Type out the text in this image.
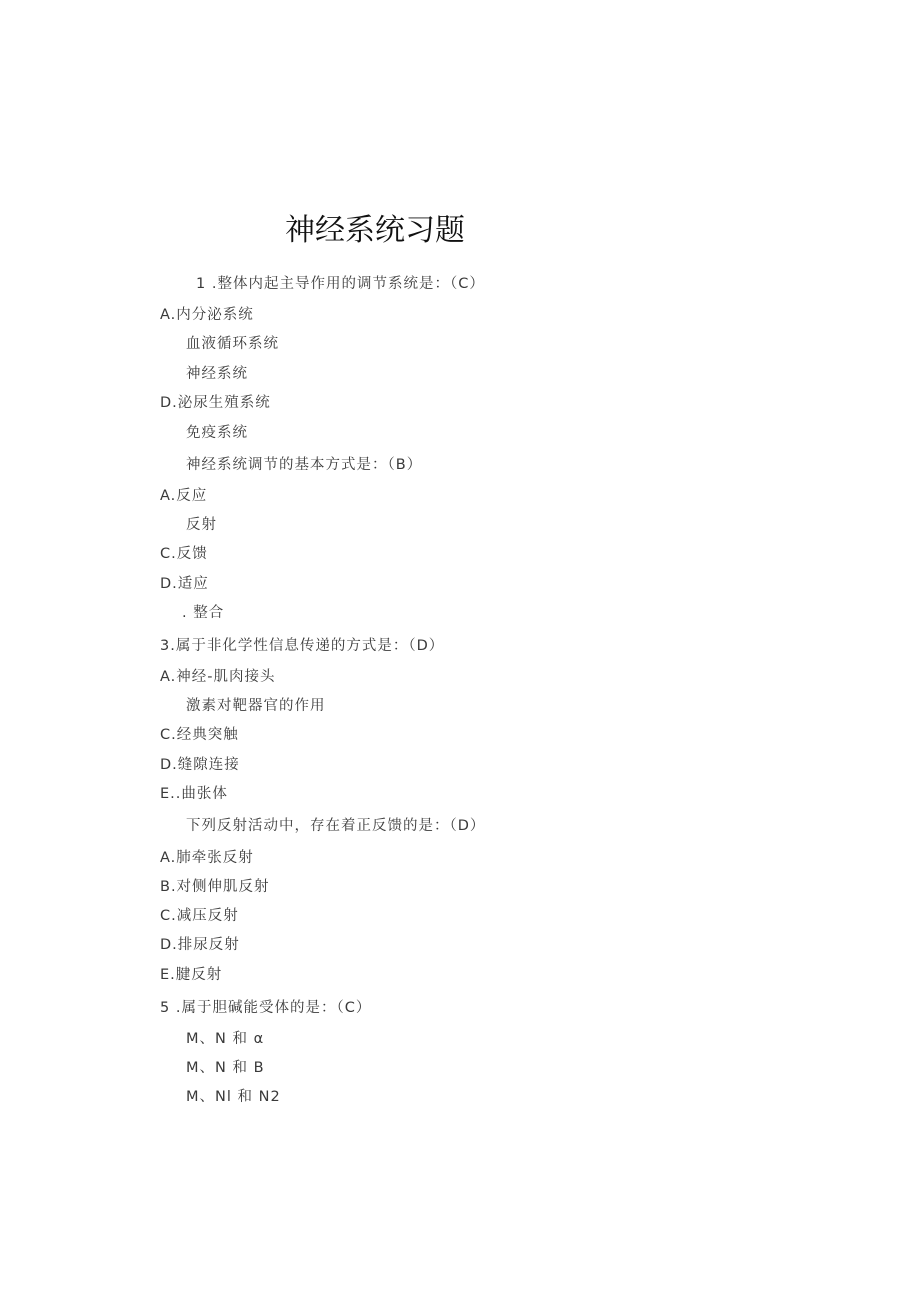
神经系统习题
1 .整体内起主导作用的调节系统是：（C）
A.内分泌系统
血液循环系统
神经系统
D.泌尿生殖系统
免疫系统
神经系统调节的基本方式是：（B）
A.反应
反射
C.反馈
D.适应
. 整合
3.属于非化学性信息传递的方式是：（D）
A.神经-肌肉接头
激素对靶器官的作用
C.经典突触
D.缝隙连接
E..曲张体
下列反射活动中，存在着正反馈的是：（D）
A.肺牵张反射
B.对侧伸肌反射
C.减压反射
D.排尿反射
E.腱反射
5 .属于胆碱能受体的是：（C）
M、N 和 α
M、N 和 B
M、Nl 和 N2
